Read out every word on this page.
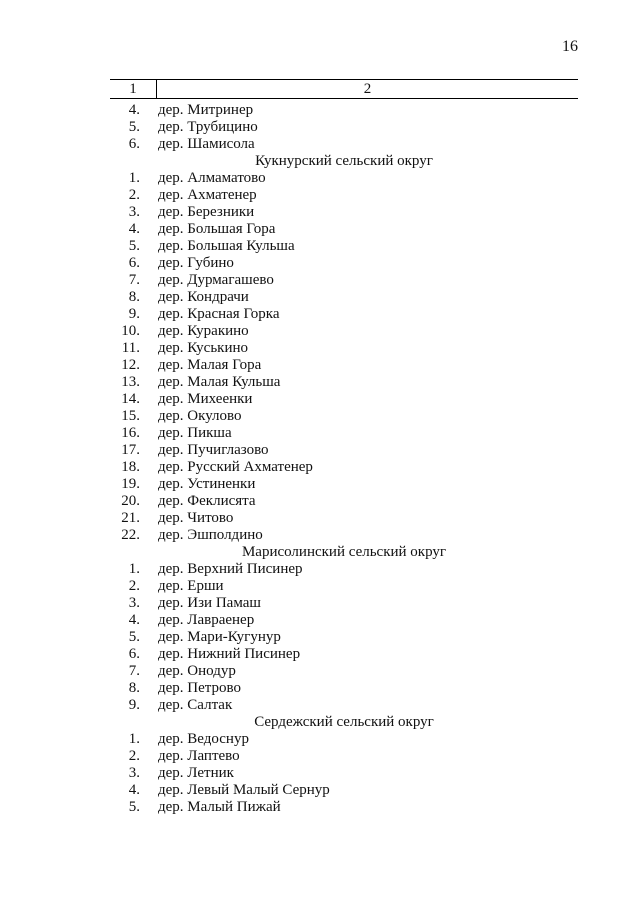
16
1	2
4.	дер. Митринер
5.	дер. Трубицино
6.	дер. Шамисола
Кукнурский сельский округ
1.	дер. Алмаматово
2.	дер. Ахматенер
3.	дер. Березники
4.	дер. Большая Гора
5.	дер. Большая Кульша
6.	дер. Губино
7.	дер. Дурмагашево
8.	дер. Кондрачи
9.	дер. Красная Горка
10.	дер. Куракино
11.	дер. Куськино
12.	дер. Малая Гора
13.	дер. Малая Кульша
14.	дер. Михеенки
15.	дер. Окулово
16.	дер. Пикша
17.	дер. Пучиглазово
18.	дер. Русский Ахматенер
19.	дер. Устиненки
20.	дер. Феклисята
21.	дер. Читово
22.	дер. Эшполдино
Марисолинский сельский округ
1.	дер. Верхний Писинер
2.	дер. Ерши
3.	дер. Изи Памаш
4.	дер. Лавраенер
5.	дер. Мари-Кугунур
6.	дер. Нижний Писинер
7.	дер. Онодур
8.	дер. Петрово
9.	дер. Салтак
Сердежский сельский округ
1.	дер. Ведоснур
2.	дер. Лаптево
3.	дер. Летник
4.	дер. Левый Малый Сернур
5.	дер. Малый Пижай
